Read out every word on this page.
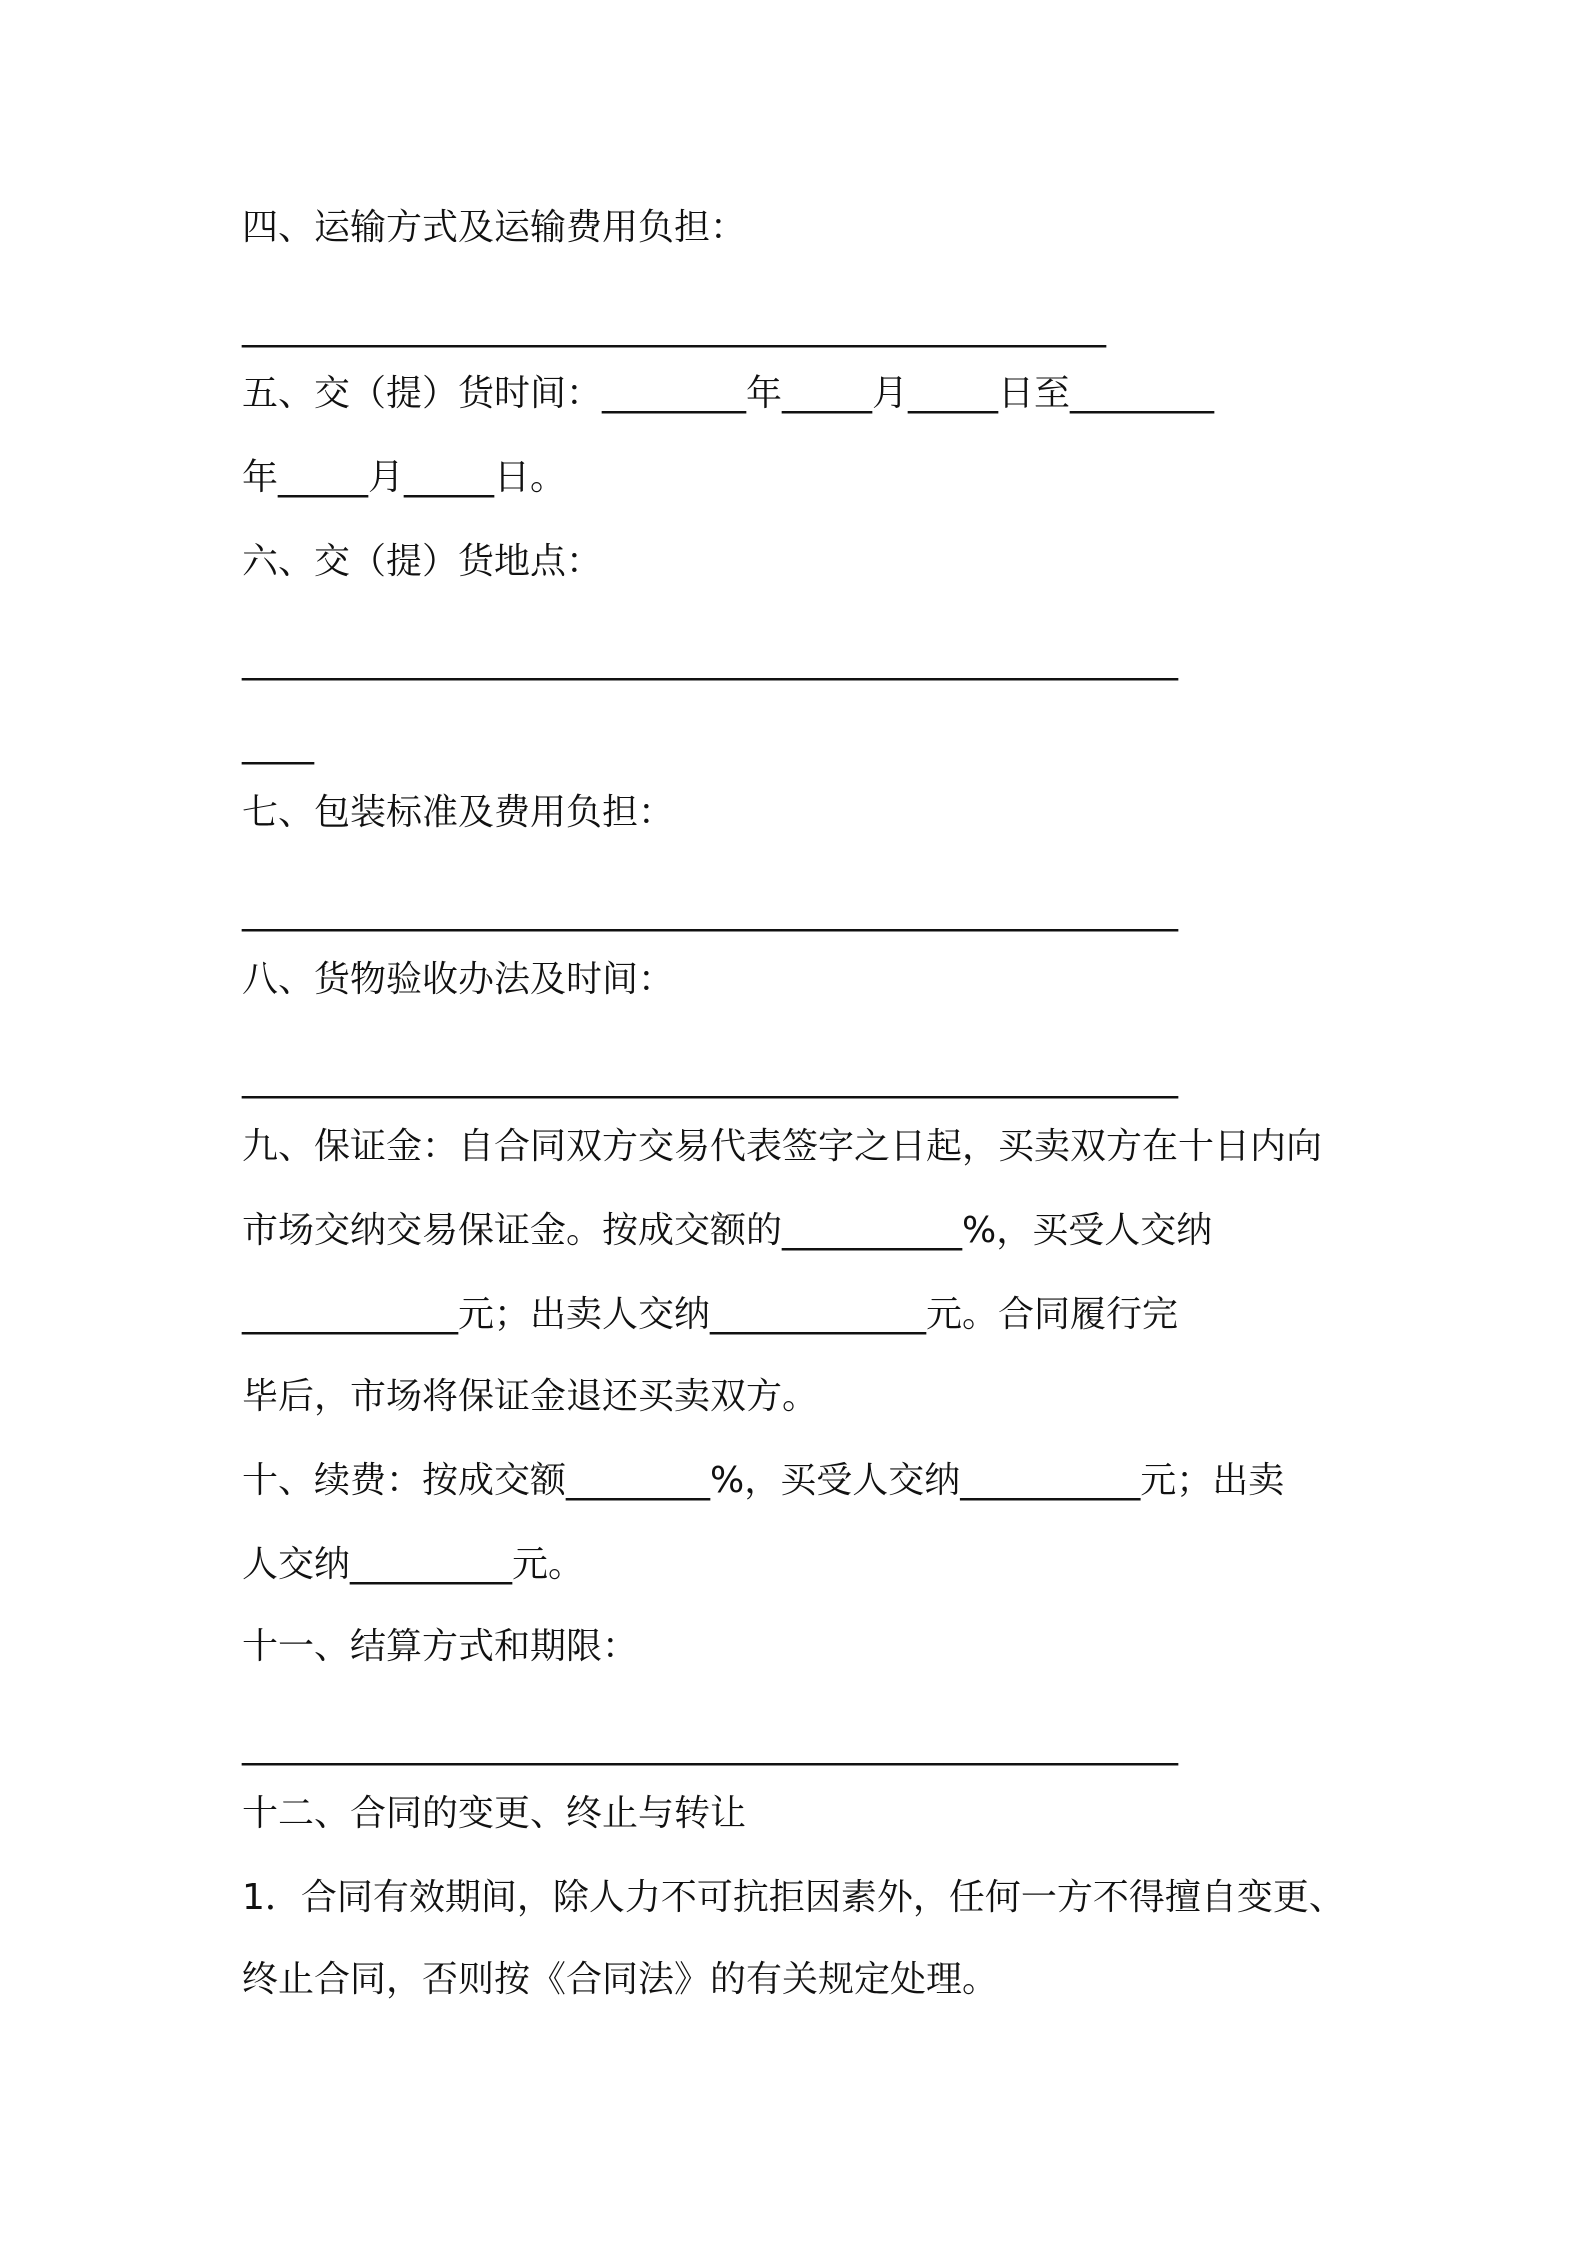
四、运输方式及运输费用负担：

________________________________________________

五、交（提）货时间：________年_____月_____日至________

年_____月_____日。

六、交（提）货地点：

____________________________________________________

____

七、包装标准及费用负担：

____________________________________________________

八、货物验收办法及时间：

____________________________________________________

九、保证金：自合同双方交易代表签字之日起，买卖双方在十日内向

市场交纳交易保证金。按成交额的__________%，买受人交纳

____________元；出卖人交纳____________元。合同履行完

毕后，市场将保证金退还买卖双方。

十、续费：按成交额________%，买受人交纳__________元；出卖

人交纳_________元。

十一、结算方式和期限：

____________________________________________________

十二、合同的变更、终止与转让

1．合同有效期间，除人力不可抗拒因素外，任何一方不得擅自变更、

终止合同，否则按《合同法》的有关规定处理。
